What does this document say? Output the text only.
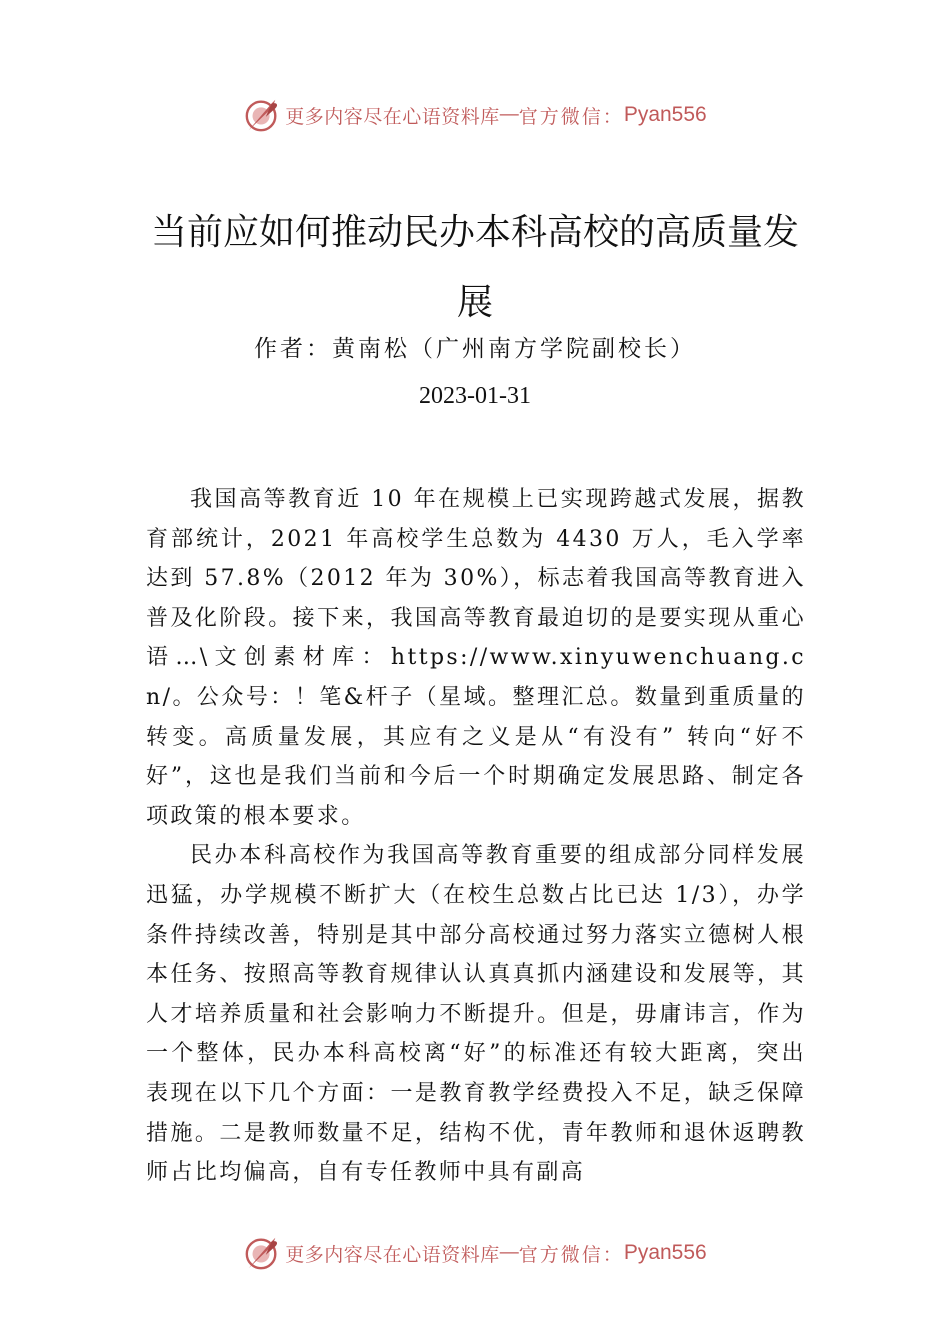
更多内容尽在心语资料库 — 官方微信： Pyan556
当前应如何推动民办本科高校的高质量发展
作者：黄南松（广州南方学院副校长）
2023-01-31

我国高等教育近 10 年在规模上已实现跨越式发展，据教育部统计，2021 年高校学生总数为 4430 万人，毛入学率达到 57.8%（2012 年为 30%），标志着我国高等教育进入普及化阶段。接下来，我国高等教育最迫切的是要实现从重心语…\文创素材库：https://www.xinyuwenchuang.cn/。公众号：！笔&杆子（星域。整理汇总。数量到重质量的转变。高质量发展，其应有之义是从“有没有” 转向“好不好”，这也是我们当前和今后一个时期确定发展思路、制定各项政策的根本要求。

民办本科高校作为我国高等教育重要的组成部分同样发展迅猛，办学规模不断扩大（在校生总数占比已达 1/3），办学条件持续改善，特别是其中部分高校通过努力落实立德树人根本任务、按照高等教育规律认认真真抓内涵建设和发展等，其人才培养质量和社会影响力不断提升。但是，毋庸讳言，作为一个整体，民办本科高校离“好”的标准还有较大距离，突出表现在以下几个方面：一是教育教学经费投入不足，缺乏保障措施。二是教师数量不足，结构不优，青年教师和退休返聘教师占比均偏高，自有专任教师中具有副高

更多内容尽在心语资料库 — 官方微信： Pyan556
